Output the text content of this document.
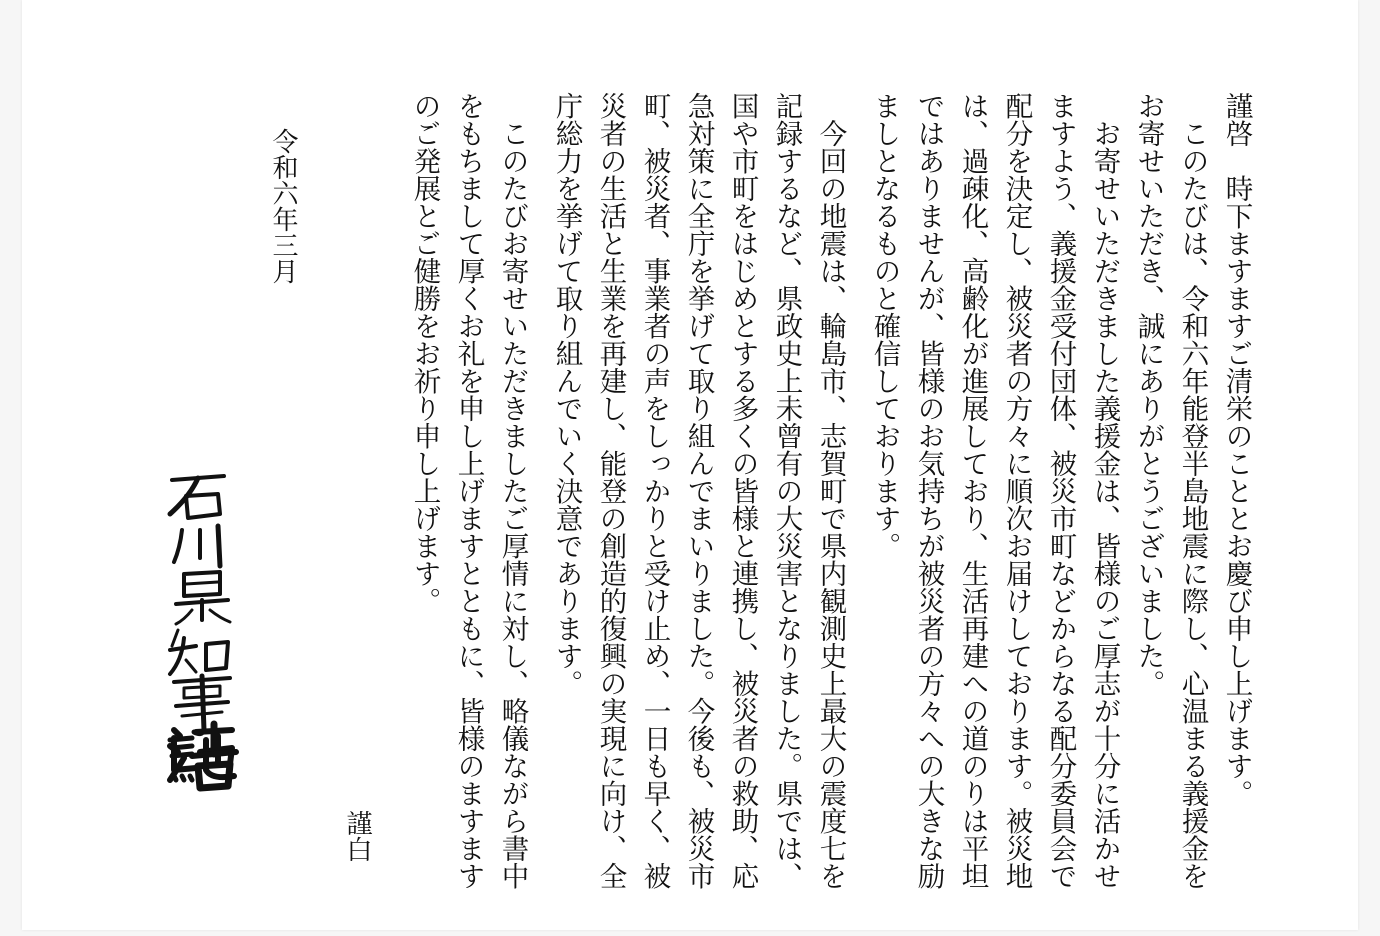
謹啓　時下ますますご清栄のこととお慶び申し上げます。
　このたびは、令和六年能登半島地震に際し、心温まる義援金を
お寄せいただき、誠にありがとうございました。
　お寄せいただきました義援金は、皆様のご厚志が十分に活かせ
ますよう、義援金受付団体、被災市町などからなる配分委員会で
配分を決定し、被災者の方々に順次お届けしております。被災地
は、過疎化、高齢化が進展しており、生活再建への道のりは平坦
ではありませんが、皆様のお気持ちが被災者の方々への大きな励
ましとなるものと確信しております。
　今回の地震は、輪島市、志賀町で県内観測史上最大の震度七を
記録するなど、県政史上未曾有の大災害となりました。県では、
国や市町をはじめとする多くの皆様と連携し、被災者の救助、応
急対策に全庁を挙げて取り組んでまいりました。今後も、被災市
町、被災者、事業者の声をしっかりと受け止め、一日も早く、被
災者の生活と生業を再建し、能登の創造的復興の実現に向け、全
庁総力を挙げて取り組んでいく決意であります。
　このたびお寄せいただきましたご厚情に対し、略儀ながら書中
をもちまして厚くお礼を申し上げますとともに、皆様のますます
のご発展とご健勝をお祈り申し上げます。
謹白
令和六年三月
